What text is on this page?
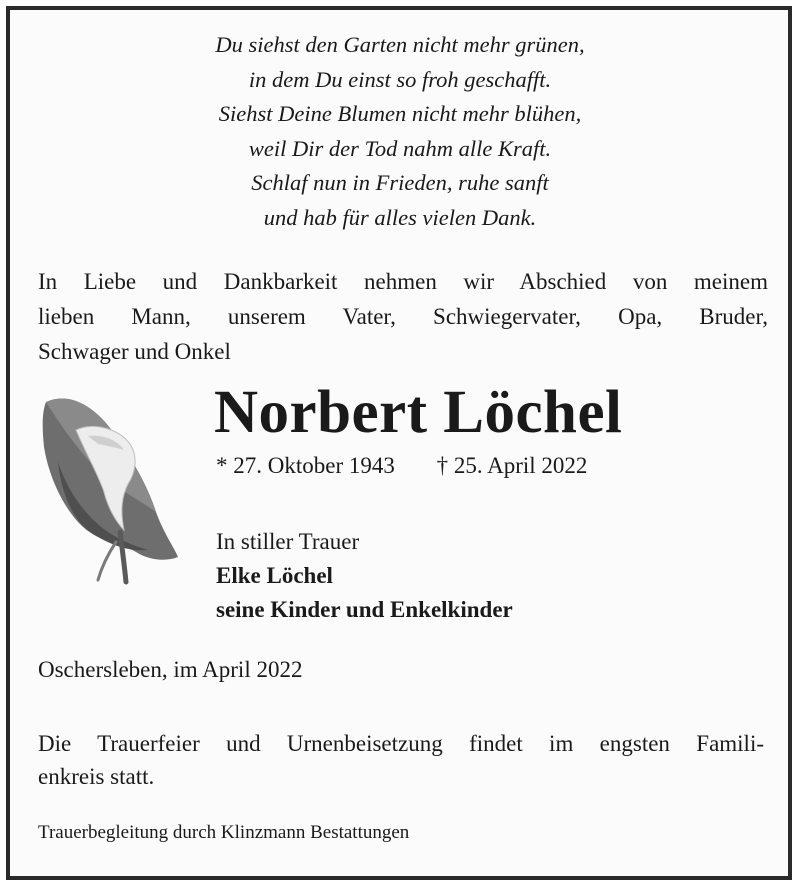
Du siehst den Garten nicht mehr grünen,
in dem Du einst so froh geschafft.
Siehst Deine Blumen nicht mehr blühen,
weil Dir der Tod nahm alle Kraft.
Schlaf nun in Frieden, ruhe sanft
und hab für alles vielen Dank.
In Liebe und Dankbarkeit nehmen wir Abschied von meinem
lieben Mann, unserem Vater, Schwiegervater, Opa, Bruder,
Schwager und Onkel
Norbert Löchel
* 27. Oktober 1943 † 25. April 2022
In stiller Trauer
Elke Löchel
seine Kinder und Enkelkinder
Oschersleben, im April 2022
Die Trauerfeier und Urnenbeisetzung findet im engsten Famili-
enkreis statt.
Trauerbegleitung durch Klinzmann Bestattungen
